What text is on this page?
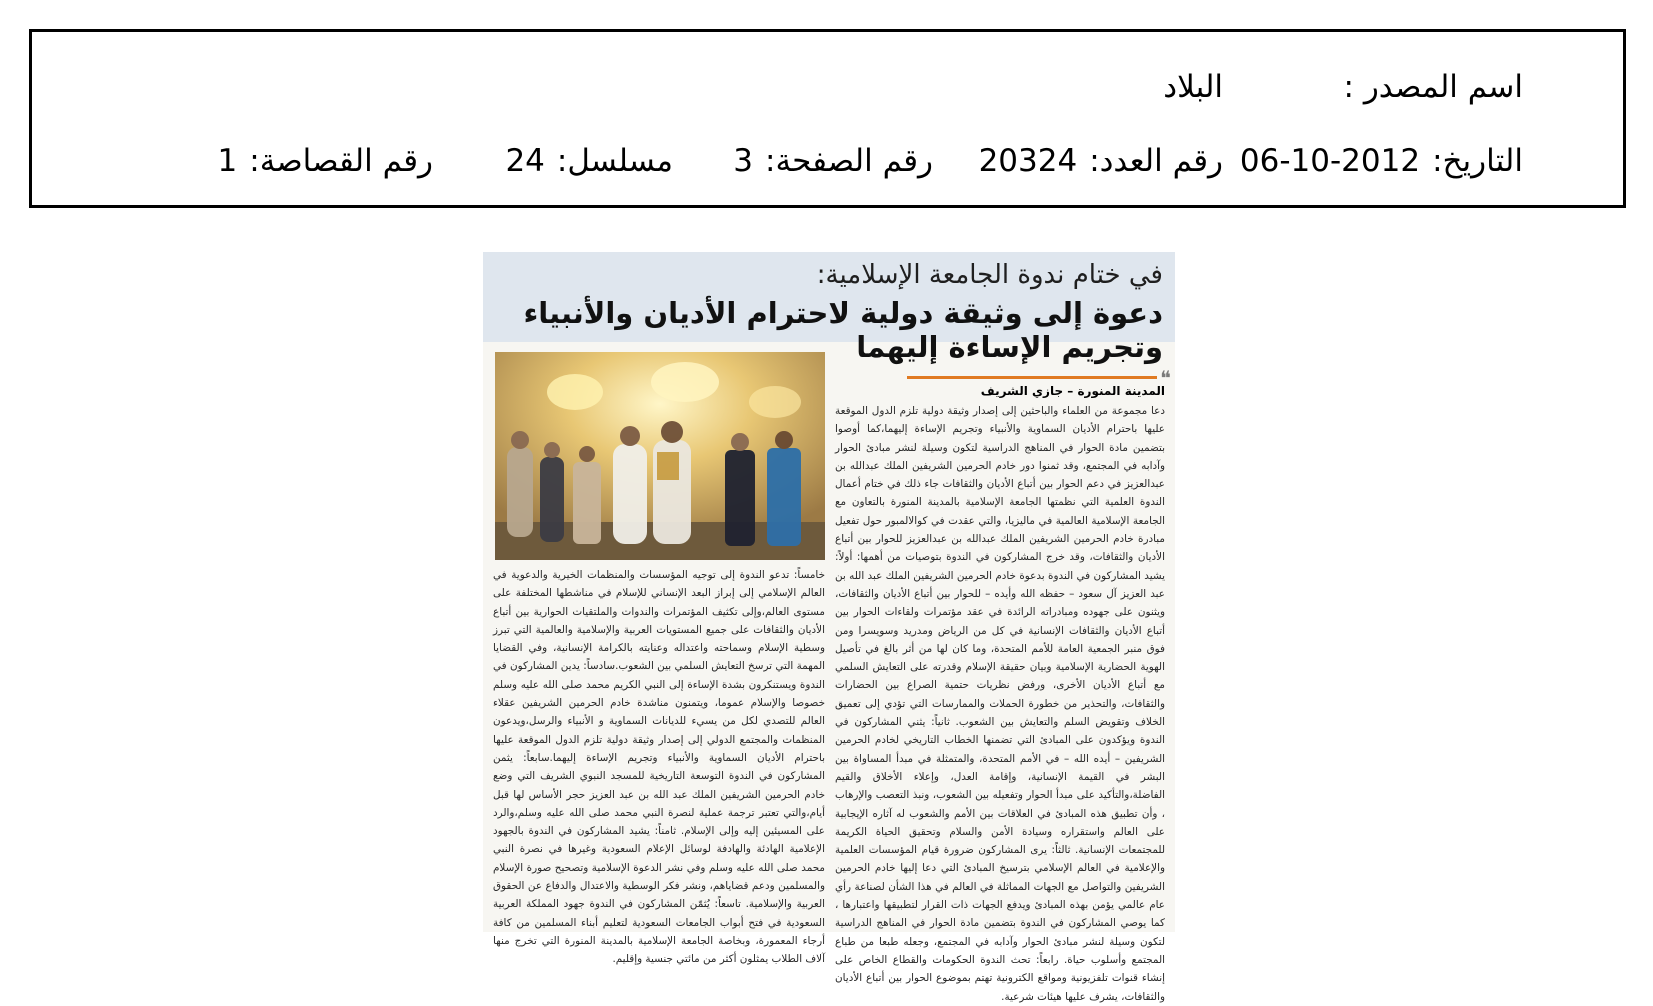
اسم المصدر :
البلاد
التاريخ:2012-10-06
رقم العدد:20324
رقم الصفحة:3
مسلسل:24
رقم القصاصة:1
في ختام ندوة الجامعة الإسلامية:
دعوة إلى وثيقة دولية لاحترام الأديان والأنبياء وتجريم الإساءة إليهما
❝
المدينة المنورة – جازي الشريف

دعا مجموعة من العلماء والباحثين إلى إصدار وثيقة دولية تلزم الدول الموقعة عليها باحترام الأديان السماوية والأنبياء وتجريم الإساءة إليهما،كما أوصوا بتضمين مادة الحوار في المناهج الدراسية لتكون وسيلة لنشر مبادئ الحوار وآدابه في المجتمع، وقد ثمنوا دور خادم الحرمين الشريفين الملك عبدالله بن عبدالعزيز في دعم الحوار بين أتباع الأديان والثقافات جاء ذلك في ختام أعمال الندوة العلمية التي نظمتها الجامعة الإسلامية بالمدينة المنورة بالتعاون مع الجامعة الإسلامية العالمية في ماليزيا، والتي عقدت في كوالالمبور حول تفعيل مبادرة خادم الحرمين الشريفين الملك عبدالله بن عبدالعزيز للحوار بين أتباع الأديان والثقافات، وقد خرج المشاركون في الندوة بتوصيات من أهمها: أولاً: يشيد المشاركون في الندوة بدعوة خادم الحرمين الشريفين الملك عبد الله بن عبد العزيز آل سعود – حفظه الله وأيده – للحوار بين أتباع الأديان والثقافات، ويثنون على جهوده ومبادراته الرائدة في عقد مؤتمرات ولقاءات الحوار بين أتباع الأديان والثقافات الإنسانية في كل من الرياض ومدريد وسويسرا ومن فوق منبر الجمعية العامة للأمم المتحدة، وما كان لها من أثر بالغ في تأصيل الهوية الحضارية الإسلامية وبيان حقيقة الإسلام وقدرته على التعايش السلمي مع أتباع الأديان الأخرى، ورفض نظريات حتمية الصراع بين الحضارات والثقافات، والتحذير من خطورة الحملات والممارسات التي تؤدي إلى تعميق الخلاف وتقويض السلم والتعايش بين الشعوب. ثانياً: يثني المشاركون في الندوة ويؤكدون على المبادئ التي تضمنها الخطاب التاريخي لخادم الحرمين الشريفين – أيده الله – في الأمم المتحدة، والمتمثلة في مبدأ المساواة بين البشر في القيمة الإنسانية، وإقامة العدل، وإعلاء الأخلاق والقيم الفاضلة،والتأكيد على مبدأ الحوار وتفعيله بين الشعوب، ونبذ التعصب والإرهاب ، وأن تطبيق هذه المبادئ في العلاقات بين الأمم والشعوب له آثاره الإيجابية على العالم واستقراره وسيادة الأمن والسلام وتحقيق الحياة الكريمة للمجتمعات الإنسانية. ثالثاً: يرى المشاركون ضرورة قيام المؤسسات العلمية والإعلامية في العالم الإسلامي بترسيخ المبادئ التي دعا إليها خادم الحرمين الشريفين والتواصل مع الجهات المماثلة في العالم في هذا الشأن لصناعة رأي عام عالمي يؤمن بهذه المبادئ ويدفع الجهات ذات القرار لتطبيقها واعتبارها ، كما يوصي المشاركون في الندوة بتضمين مادة الحوار في المناهج الدراسية لتكون وسيلة لنشر مبادئ الحوار وآدابه في المجتمع، وجعله طبعا من طباع المجتمع وأسلوب حياة. رابعاً: تحث الندوة الحكومات والقطاع الخاص على إنشاء قنوات تلفزيونية ومواقع الكترونية تهتم بموضوع الحوار بين أتباع الأديان والثقافات، يشرف عليها هيئات شرعية.

خامساً: تدعو الندوة إلى توجيه المؤسسات والمنظمات الخيرية والدعوية في العالم الإسلامي إلى إبراز البعد الإنساني للإسلام في مناشطها المختلفة على مستوى العالم،وإلى تكثيف المؤتمرات والندوات والملتقيات الحوارية بين أتباع الأديان والثقافات على جميع المستويات العربية والإسلامية والعالمية التي تبرز وسطية الإسلام وسماحته واعتداله وعنايته بالكرامة الإنسانية، وفي القضايا المهمة التي ترسخ التعايش السلمي بين الشعوب.سادساً: يدين المشاركون في الندوة ويستنكرون بشدة الإساءة إلى النبي الكريم محمد صلى الله عليه وسلم خصوصا والإسلام عموما، ويتمنون مناشدة خادم الحرمين الشريفين عقلاء العالم للتصدي لكل من يسيء للديانات السماوية و الأنبياء والرسل،ويدعون المنظمات والمجتمع الدولي إلى إصدار وثيقة دولية تلزم الدول الموقعة عليها باحترام الأديان السماوية والأنبياء وتجريم الإساءة إليهما.سابعاً: يثمن المشاركون في الندوة التوسعة التاريخية للمسجد النبوي الشريف التي وضع خادم الحرمين الشريفين الملك عبد الله بن عبد العزيز حجر الأساس لها قبل أيام،والتي تعتبر ترجمة عملية لنصرة النبي محمد صلى الله عليه وسلم،والرد على المسيئين إليه وإلى الإسلام. ثامناً: يشيد المشاركون في الندوة بالجهود الإعلامية الهادئة والهادفة لوسائل الإعلام السعودية وغيرها في نصرة النبي محمد صلى الله عليه وسلم وفي نشر الدعوة الإسلامية وتصحيح صورة الإسلام والمسلمين ودعم قضاياهم، ونشر فكر الوسطية والاعتدال والدفاع عن الحقوق العربية والإسلامية. تاسعاً: يُثمّن المشاركون في الندوة جهود المملكة العربية السعودية في فتح أبواب الجامعات السعودية لتعليم أبناء المسلمين من كافة أرجاء المعمورة، وبخاصة الجامعة الإسلامية بالمدينة المنورة التي تخرج منها آلاف الطلاب يمثلون أكثر من مائتي جنسية وإقليم.
